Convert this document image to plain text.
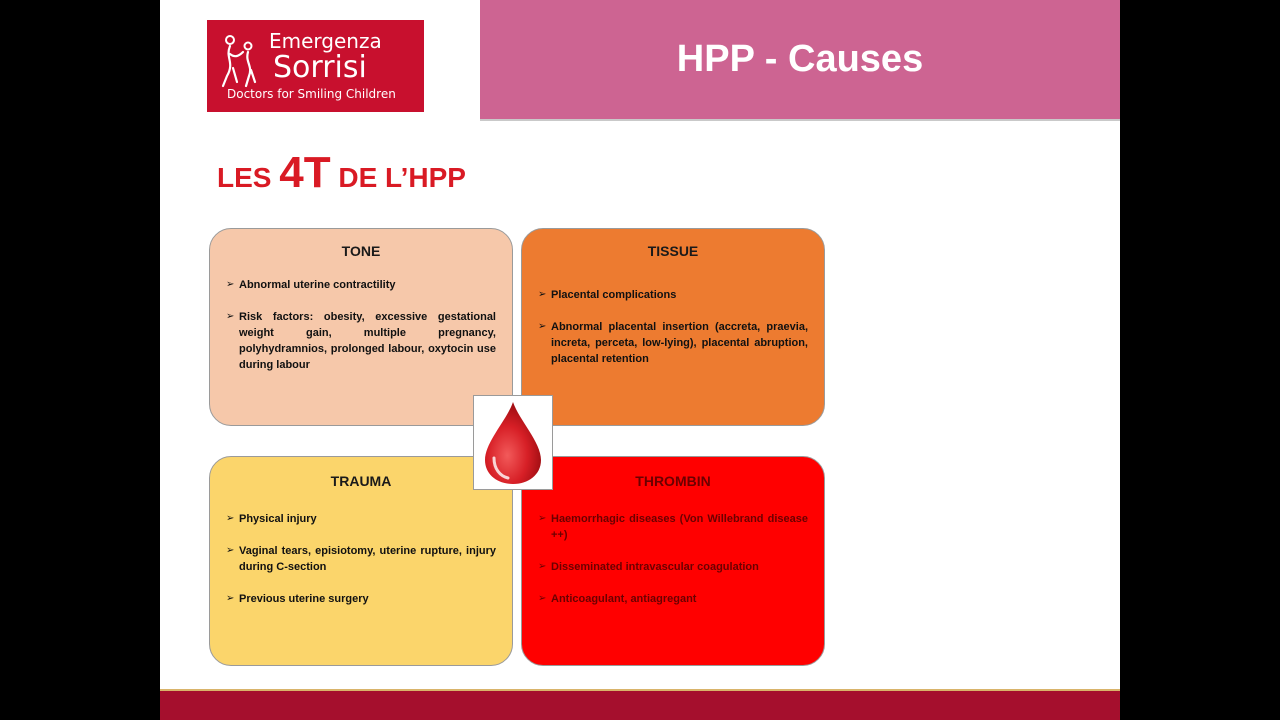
Emergenza
Sorrisi
Doctors for Smiling Children
HPP - Causes
LES 4T DE L’HPP
TONE
➢ Abnormal uterine contractility
➢ Risk factors: obesity, excessive gestational weight gain, multiple pregnancy, polyhydramnios, prolonged labour, oxytocin use during labour
TISSUE
➢ Placental complications
➢ Abnormal placental insertion (accreta, praevia, increta, perceta, low-lying), placental abruption, placental retention
TRAUMA
➢ Physical injury
➢ Vaginal tears, episiotomy, uterine rupture, injury during C-section
➢ Previous uterine surgery
THROMBIN
➢ Haemorrhagic diseases (Von Willebrand disease ++)
➢ Disseminated intravascular coagulation
➢ Anticoagulant, antiagregant
